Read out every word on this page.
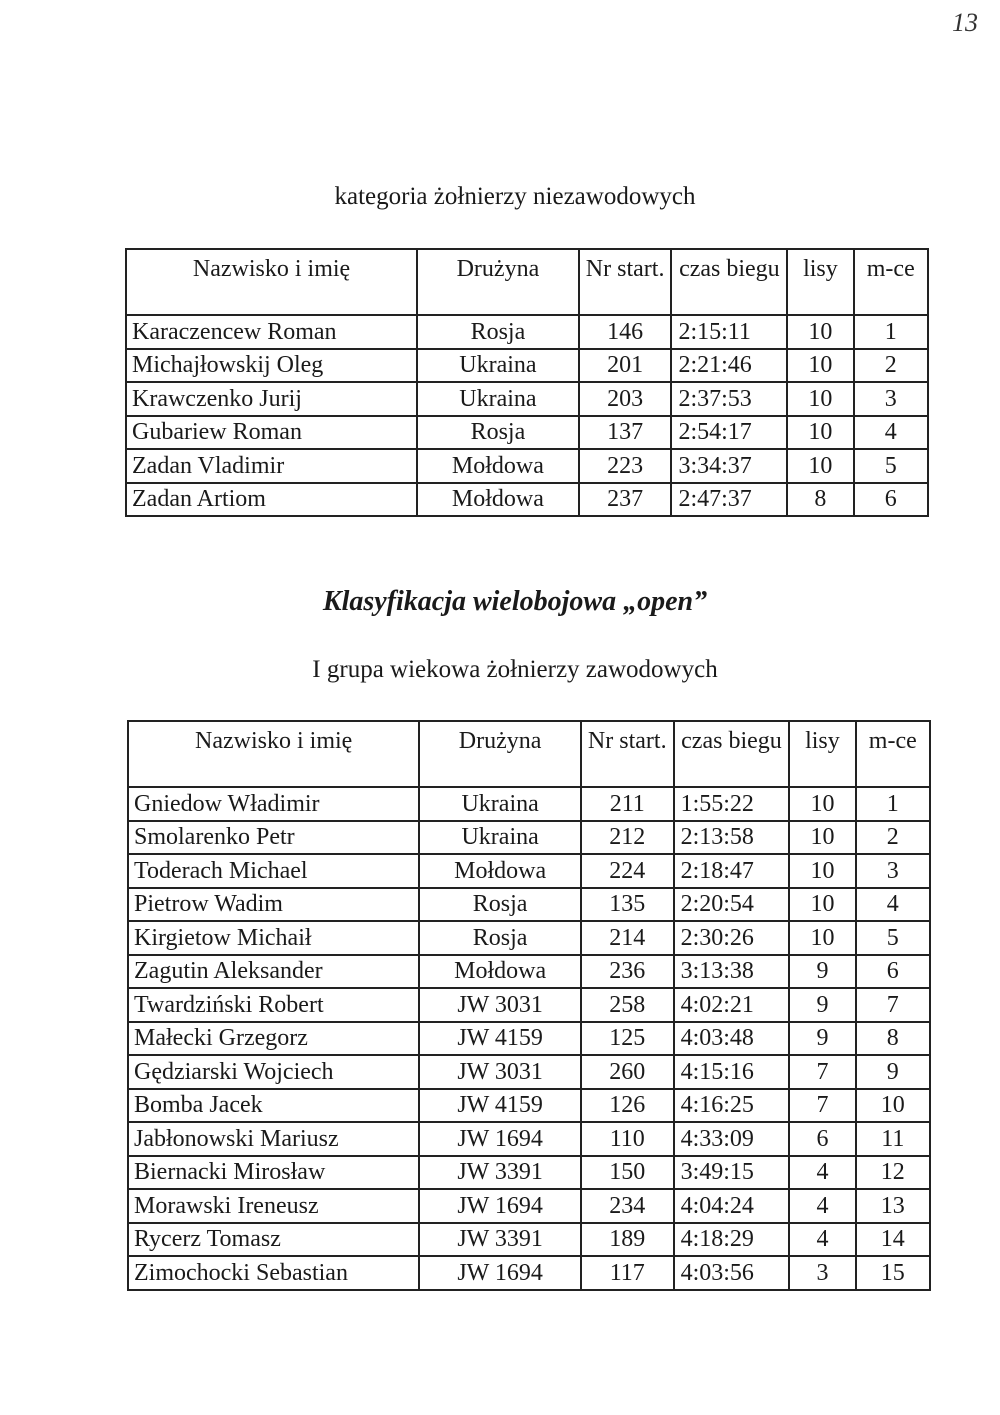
13
kategoria żołnierzy niezawodowych
Nazwisko i imię	Drużyna	Nr start.	czas biegu	lisy	m-ce
Karaczencew Roman	Rosja	146	2:15:11	10	1
Michajłowskij Oleg	Ukraina	201	2:21:46	10	2
Krawczenko Jurij	Ukraina	203	2:37:53	10	3
Gubariew Roman	Rosja	137	2:54:17	10	4
Zadan Vladimir	Mołdowa	223	3:34:37	10	5
Zadan Artiom	Mołdowa	237	2:47:37	8	6
Klasyfikacja wielobojowa „open”
I grupa wiekowa żołnierzy zawodowych
Nazwisko i imię	Drużyna	Nr start.	czas biegu	lisy	m-ce
Gniedow Władimir	Ukraina	211	1:55:22	10	1
Smolarenko Petr	Ukraina	212	2:13:58	10	2
Toderach Michael	Mołdowa	224	2:18:47	10	3
Pietrow Wadim	Rosja	135	2:20:54	10	4
Kirgietow Michaił	Rosja	214	2:30:26	10	5
Zagutin Aleksander	Mołdowa	236	3:13:38	9	6
Twardziński Robert	JW 3031	258	4:02:21	9	7
Małecki Grzegorz	JW 4159	125	4:03:48	9	8
Gędziarski Wojciech	JW 3031	260	4:15:16	7	9
Bomba Jacek	JW 4159	126	4:16:25	7	10
Jabłonowski Mariusz	JW 1694	110	4:33:09	6	11
Biernacki Mirosław	JW 3391	150	3:49:15	4	12
Morawski Ireneusz	JW 1694	234	4:04:24	4	13
Rycerz Tomasz	JW 3391	189	4:18:29	4	14
Zimochocki Sebastian	JW 1694	117	4:03:56	3	15
